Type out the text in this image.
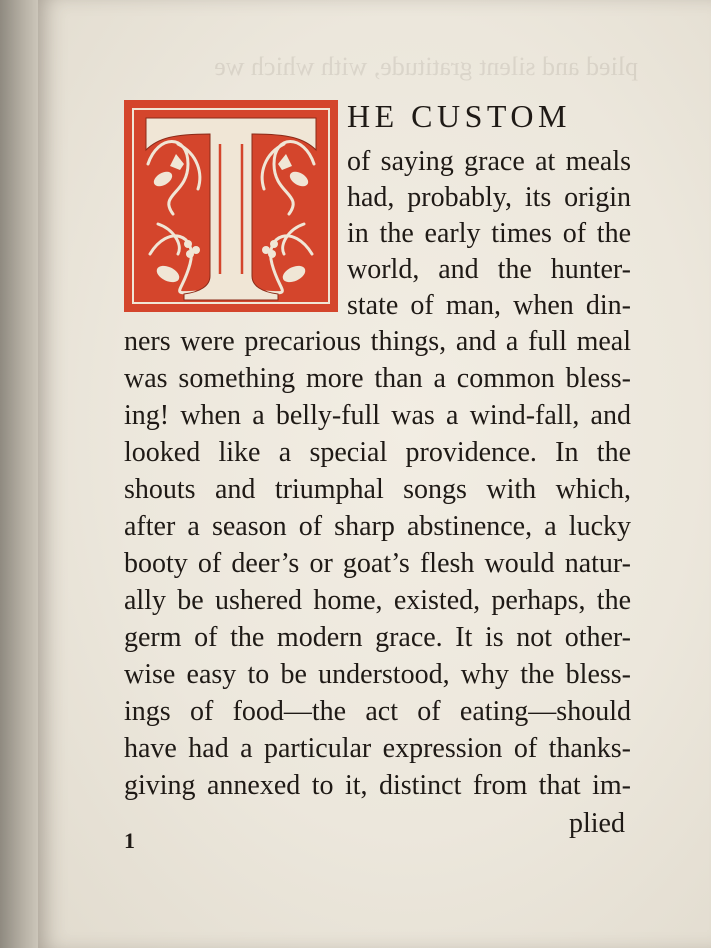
plied and silent gratitude, with which we
HE CUSTOM
of saying grace at meals
had, probably, its origin
in the early times of the
world, and the hunter-
state of man, when din-
ners were precarious things, and a full meal
was something more than a common bless-
ing! when a belly-full was a wind-fall, and
looked like a special providence. In the
shouts and triumphal songs with which,
after a season of sharp abstinence, a lucky
booty of deer’s or goat’s flesh would natur-
ally be ushered home, existed, perhaps, the
germ of the modern grace. It is not other-
wise easy to be understood, why the bless-
ings of food—the act of eating—should
have had a particular expression of thanks-
giving annexed to it, distinct from that im-
plied
1
